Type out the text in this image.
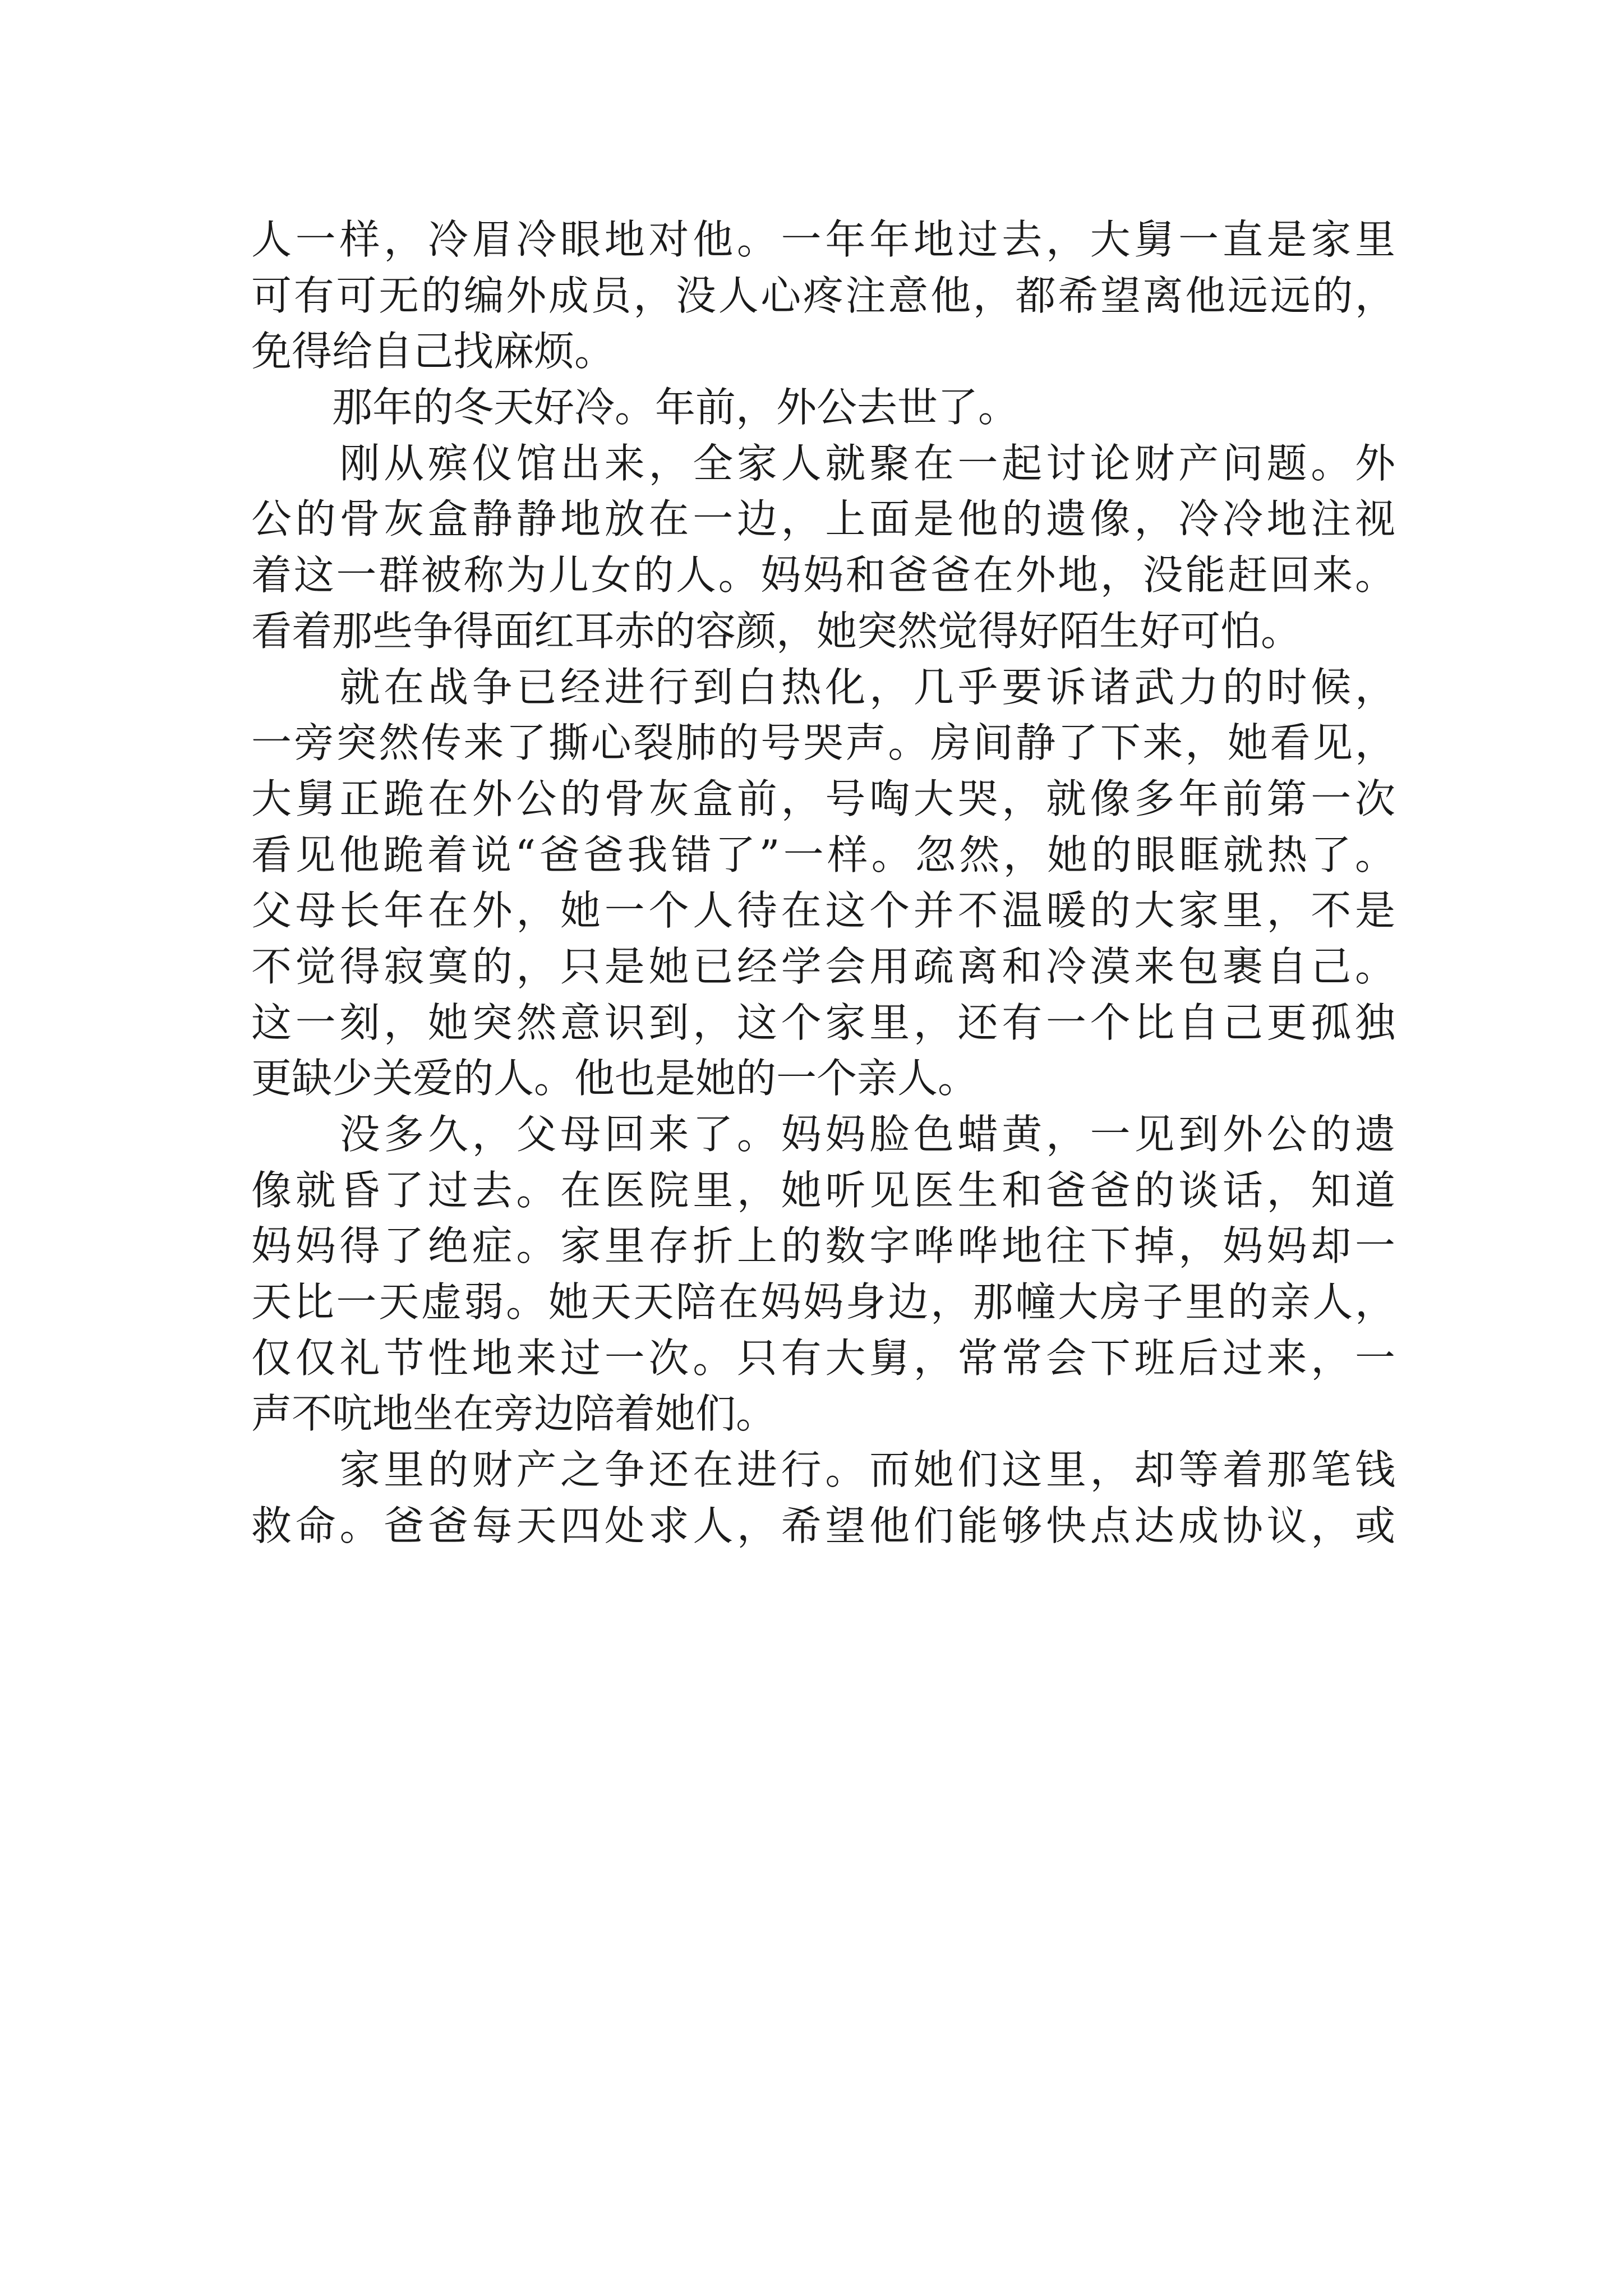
人一样，冷眉冷眼地对他。一年年地过去，大舅一直是家里
可有可无的编外成员，没人心疼注意他，都希望离他远远的，
免得给自己找麻烦。
　　那年的冬天好冷。年前，外公去世了。
　　刚从殡仪馆出来，全家人就聚在一起讨论财产问题。外
公的骨灰盒静静地放在一边，上面是他的遗像，冷冷地注视
着这一群被称为儿女的人。妈妈和爸爸在外地，没能赶回来。
看着那些争得面红耳赤的容颜，她突然觉得好陌生好可怕。
　　就在战争已经进行到白热化，几乎要诉诸武力的时候，
一旁突然传来了撕心裂肺的号哭声。房间静了下来，她看见，
大舅正跪在外公的骨灰盒前，号啕大哭，就像多年前第一次
看见他跪着说“爸爸我错了”一样。忽然，她的眼眶就热了。
父母长年在外，她一个人待在这个并不温暖的大家里，不是
不觉得寂寞的，只是她已经学会用疏离和冷漠来包裹自己。
这一刻，她突然意识到，这个家里，还有一个比自己更孤独
更缺少关爱的人。他也是她的一个亲人。
　　没多久，父母回来了。妈妈脸色蜡黄，一见到外公的遗
像就昏了过去。在医院里，她听见医生和爸爸的谈话，知道
妈妈得了绝症。家里存折上的数字哗哗地往下掉，妈妈却一
天比一天虚弱。她天天陪在妈妈身边，那幢大房子里的亲人，
仅仅礼节性地来过一次。只有大舅，常常会下班后过来，一
声不吭地坐在旁边陪着她们。
　　家里的财产之争还在进行。而她们这里，却等着那笔钱
救命。爸爸每天四处求人，希望他们能够快点达成协议，或
